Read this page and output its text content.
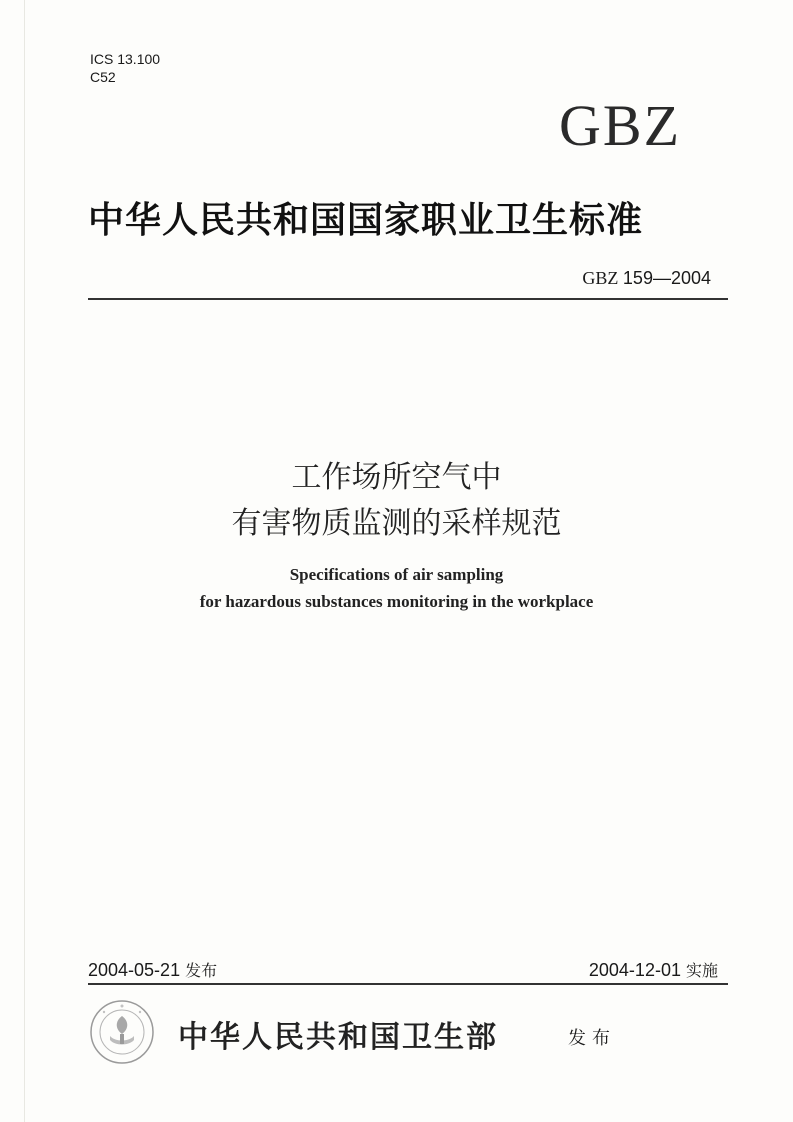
ICS 13.100
C52
GBZ
中华人民共和国国家职业卫生标准
GBZ 159—2004
工作场所空气中
有害物质监测的采样规范
Specifications of air sampling
for hazardous substances monitoring in the workplace
2004-05-21 发布	2004-12-01 实施
中华人民共和国卫生部	发布
